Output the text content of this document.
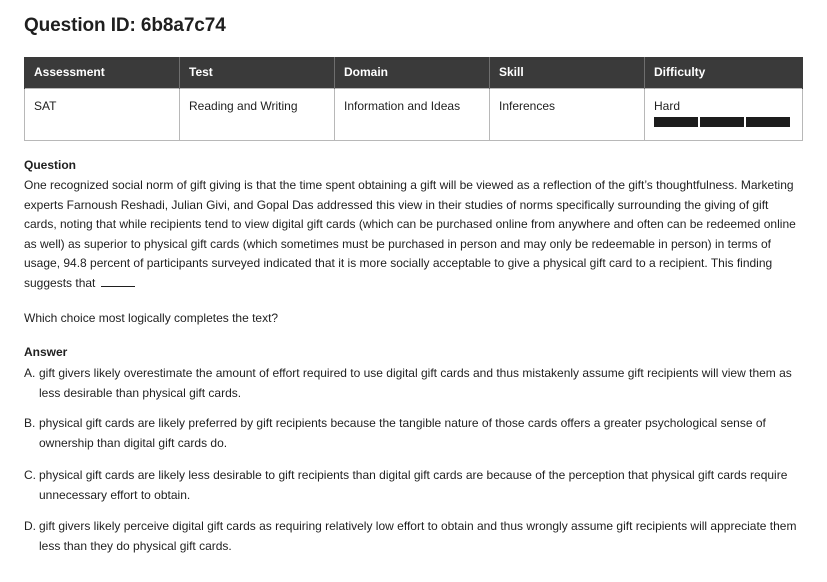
Question ID: 6b8a7c74
Assessment	Test	Domain	Skill	Difficulty
SAT	Reading and Writing	Information and Ideas	Inferences	Hard
Question

One recognized social norm of gift giving is that the time spent obtaining a gift will be viewed as a reflection of the gift’s thoughtfulness. Marketing experts Farnoush Reshadi, Julian Givi, and Gopal Das addressed this view in their studies of norms specifically surrounding the giving of gift cards, noting that while recipients tend to view digital gift cards (which can be purchased online from anywhere and often can be redeemed online as well) as superior to physical gift cards (which sometimes must be purchased in person and may only be redeemable in person) in terms of usage, 94.8 percent of participants surveyed indicated that it is more socially acceptable to give a physical gift card to a recipient. This finding suggests that

Which choice most logically completes the text?

Answer

A. gift givers likely overestimate the amount of effort required to use digital gift cards and thus mistakenly assume gift recipients will view them as less desirable than physical gift cards.

B. physical gift cards are likely preferred by gift recipients because the tangible nature of those cards offers a greater psychological sense of ownership than digital gift cards do.

C. physical gift cards are likely less desirable to gift recipients than digital gift cards are because of the perception that physical gift cards require unnecessary effort to obtain.

D. gift givers likely perceive digital gift cards as requiring relatively low effort to obtain and thus wrongly assume gift recipients will appreciate them less than they do physical gift cards.
